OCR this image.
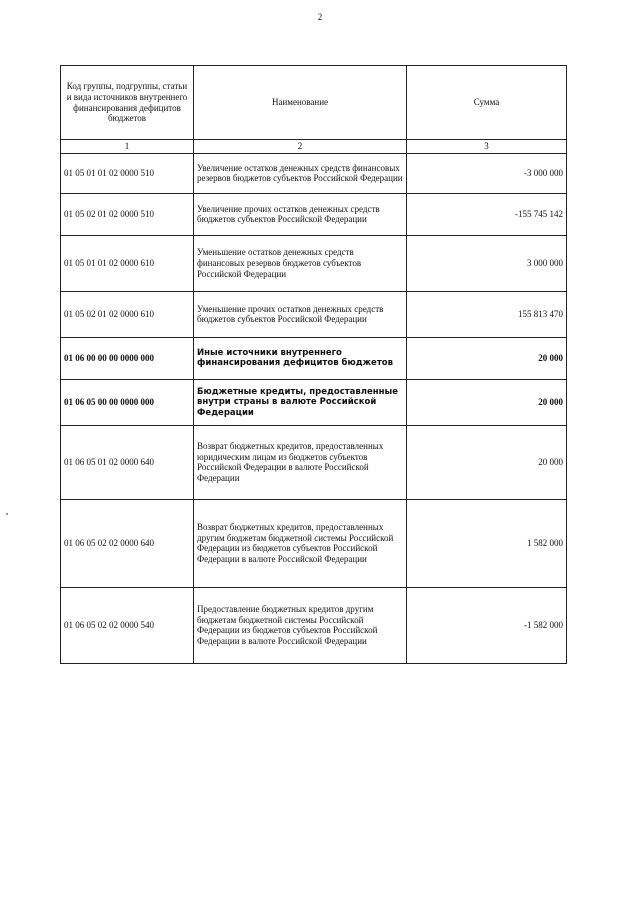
2
Код группы, подгруппы, статьи и вида источников внутреннего финансирования дефицитов бюджетов	Наименование	Сумма
1	2	3
01 05 01 01 02 0000 510	Увеличение остатков денежных средств финансовых резервов бюджетов субъектов Российской Федерации	-3 000 000
01 05 02 01 02 0000 510	Увеличение прочих остатков денежных средств бюджетов субъектов Российской Федерации	-155 745 142
01 05 01 01 02 0000 610	Уменьшение остатков денежных средств финансовых резервов бюджетов субъектов Российской Федерации	3 000 000
01 05 02 01 02 0000 610	Уменьшение прочих остатков денежных средств бюджетов субъектов Российской Федерации	155 813 470
01 06 00 00 00 0000 000	Иные источники внутреннего финансирования дефицитов бюджетов	20 000
01 06 05 00 00 0000 000	Бюджетные кредиты, предоставленные внутри страны в валюте Российской Федерации	20 000
01 06 05 01 02 0000 640	Возврат бюджетных кредитов, предоставленных юридическим лицам из бюджетов субъектов Российской Федерации в валюте Российской Федерации	20 000
01 06 05 02 02 0000 640	Возврат бюджетных кредитов, предоставленных другим бюджетам бюджетной системы Российской Федерации из бюджетов субъектов Российской Федерации в валюте Российской Федерации	1 582 000
01 06 05 02 02 0000 540	Предоставление бюджетных кредитов другим бюджетам бюджетной системы Российской Федерации из бюджетов субъектов Российской Федерации в валюте Российской Федерации	-1 582 000
